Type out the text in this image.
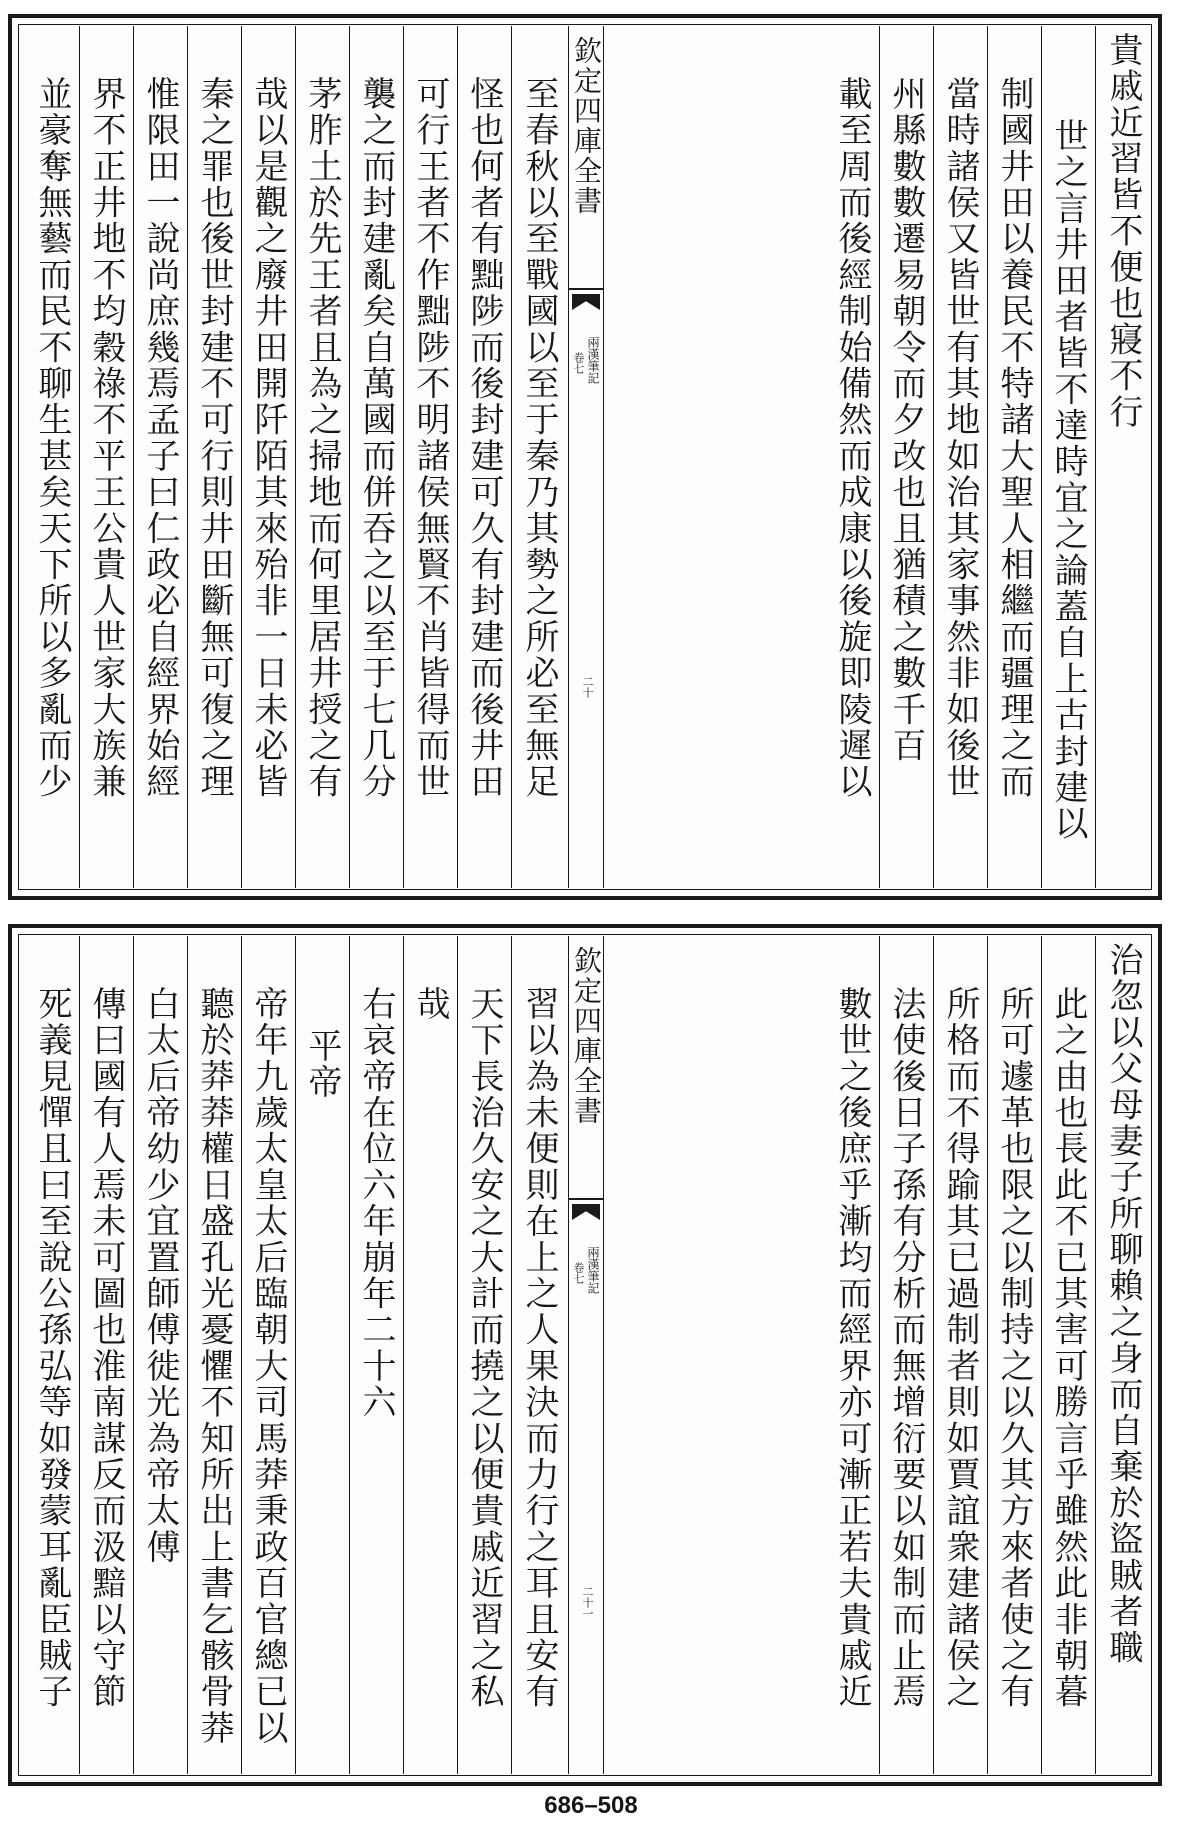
貴戚近習皆不便也寢不行
世之言井田者皆不達時宜之論蓋自上古封建以
制國井田以養民不特諸大聖人相繼而疆理之而
當時諸侯又皆世有其地如治其家事然非如後世
州縣數數遷易朝令而夕改也且猶積之數千百
載至周而後經制始備然而成康以後旋即陵遲以
欽定四庫全書
兩漢筆記
卷七
二十
至春秋以至戰國以至于秦乃其勢之所必至無足
怪也何者有黜陟而後封建可久有封建而後井田
可行王者不作黜陟不明諸侯無賢不肖皆得而世
襲之而封建亂矣自萬國而併吞之以至于七几分
茅胙土於先王者且為之掃地而何里居井授之有
哉以是觀之廢井田開阡陌其來殆非一日未必皆
秦之罪也後世封建不可行則井田斷無可復之理
惟限田一說尚庶幾焉孟子曰仁政必自經界始經
界不正井地不均穀祿不平王公貴人世家大族兼
並豪奪無藝而民不聊生甚矣天下所以多亂而少
治忽以父母妻子所聊賴之身而自棄於盜賊者職
此之由也長此不已其害可勝言乎雖然此非朝暮
所可遽革也限之以制持之以久其方來者使之有
所格而不得踰其已過制者則如賈誼衆建諸侯之
法使後日子孫有分析而無增衍要以如制而止焉
數世之後庶乎漸均而經界亦可漸正若夫貴戚近
欽定四庫全書
兩漢筆記
卷七
二十一
習以為未便則在上之人果決而力行之耳且安有
天下長治久安之大計而撓之以便貴戚近習之私
哉
右哀帝在位六年崩年二十六
平帝
帝年九歲太皇太后臨朝大司馬莽秉政百官總已以
聽於莽莽權日盛孔光憂懼不知所出上書乞骸骨莽
白太后帝幼少宜置師傅徙光為帝太傅
傳曰國有人焉未可圖也淮南謀反而汲黯以守節
死義見憚且曰至說公孫弘等如發蒙耳亂臣賊子
686–508
